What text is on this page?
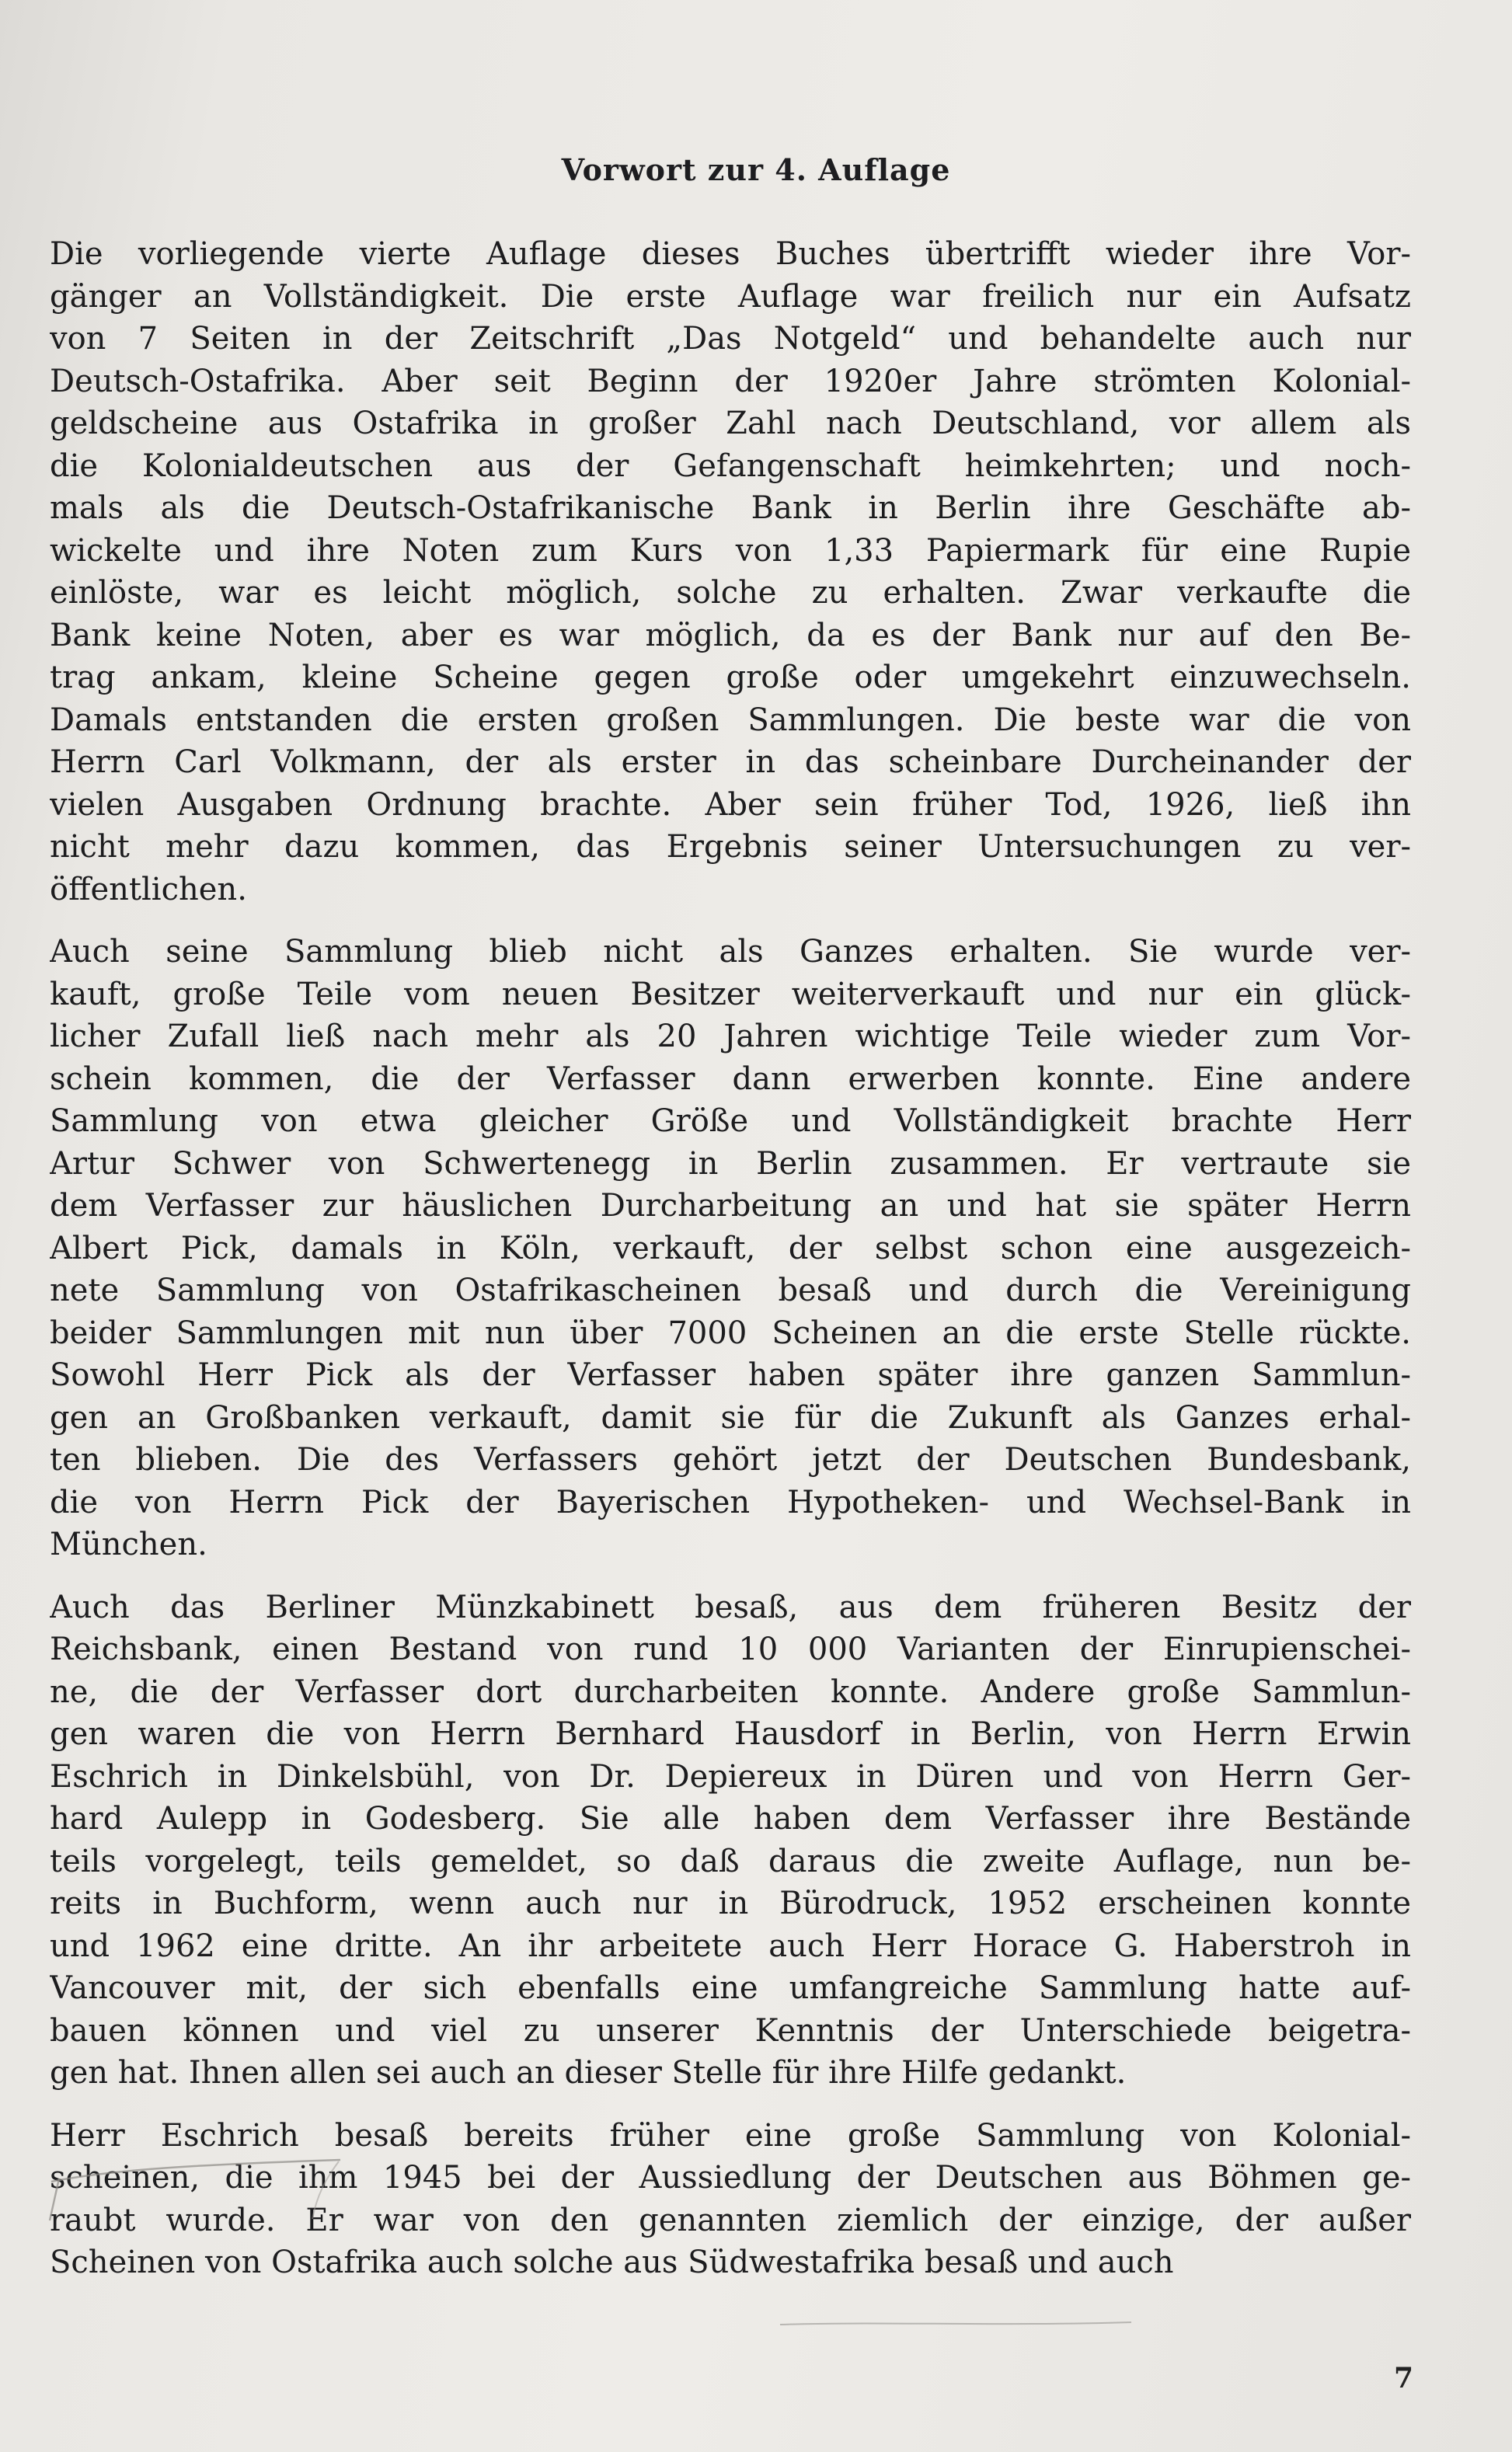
Vorwort zur 4. Auflage
Die vorliegende vierte Auflage dieses Buches übertrifft wieder ihre Vor-
gänger an Vollständigkeit. Die erste Auflage war freilich nur ein Aufsatz
von 7 Seiten in der Zeitschrift „Das Notgeld“ und behandelte auch nur
Deutsch-Ostafrika. Aber seit Beginn der 1920er Jahre strömten Kolonial-
geldscheine aus Ostafrika in großer Zahl nach Deutschland, vor allem als
die Kolonialdeutschen aus der Gefangenschaft heimkehrten; und noch-
mals als die Deutsch-Ostafrikanische Bank in Berlin ihre Geschäfte ab-
wickelte und ihre Noten zum Kurs von 1,33 Papiermark für eine Rupie
einlöste, war es leicht möglich, solche zu erhalten. Zwar verkaufte die
Bank keine Noten, aber es war möglich, da es der Bank nur auf den Be-
trag ankam, kleine Scheine gegen große oder umgekehrt einzuwechseln.
Damals entstanden die ersten großen Sammlungen. Die beste war die von
Herrn Carl Volkmann, der als erster in das scheinbare Durcheinander der
vielen Ausgaben Ordnung brachte. Aber sein früher Tod, 1926, ließ ihn
nicht mehr dazu kommen, das Ergebnis seiner Untersuchungen zu ver-
öffentlichen.
Auch seine Sammlung blieb nicht als Ganzes erhalten. Sie wurde ver-
kauft, große Teile vom neuen Besitzer weiterverkauft und nur ein glück-
licher Zufall ließ nach mehr als 20 Jahren wichtige Teile wieder zum Vor-
schein kommen, die der Verfasser dann erwerben konnte. Eine andere
Sammlung von etwa gleicher Größe und Vollständigkeit brachte Herr
Artur Schwer von Schwertenegg in Berlin zusammen. Er vertraute sie
dem Verfasser zur häuslichen Durcharbeitung an und hat sie später Herrn
Albert Pick, damals in Köln, verkauft, der selbst schon eine ausgezeich-
nete Sammlung von Ostafrikascheinen besaß und durch die Vereinigung
beider Sammlungen mit nun über 7000 Scheinen an die erste Stelle rückte.
Sowohl Herr Pick als der Verfasser haben später ihre ganzen Sammlun-
gen an Großbanken verkauft, damit sie für die Zukunft als Ganzes erhal-
ten blieben. Die des Verfassers gehört jetzt der Deutschen Bundesbank,
die von Herrn Pick der Bayerischen Hypotheken- und Wechsel-Bank in
München.
Auch das Berliner Münzkabinett besaß, aus dem früheren Besitz der
Reichsbank, einen Bestand von rund 10 000 Varianten der Einrupienschei-
ne, die der Verfasser dort durcharbeiten konnte. Andere große Sammlun-
gen waren die von Herrn Bernhard Hausdorf in Berlin, von Herrn Erwin
Eschrich in Dinkelsbühl, von Dr. Depiereux in Düren und von Herrn Ger-
hard Aulepp in Godesberg. Sie alle haben dem Verfasser ihre Bestände
teils vorgelegt, teils gemeldet, so daß daraus die zweite Auflage, nun be-
reits in Buchform, wenn auch nur in Bürodruck, 1952 erscheinen konnte
und 1962 eine dritte. An ihr arbeitete auch Herr Horace G. Haberstroh in
Vancouver mit, der sich ebenfalls eine umfangreiche Sammlung hatte auf-
bauen können und viel zu unserer Kenntnis der Unterschiede beigetra-
gen hat. Ihnen allen sei auch an dieser Stelle für ihre Hilfe gedankt.
Herr Eschrich besaß bereits früher eine große Sammlung von Kolonial-
scheinen, die ihm 1945 bei der Aussiedlung der Deutschen aus Böhmen ge-
raubt wurde. Er war von den genannten ziemlich der einzige, der außer
Scheinen von Ostafrika auch solche aus Südwestafrika besaß und auch
7
